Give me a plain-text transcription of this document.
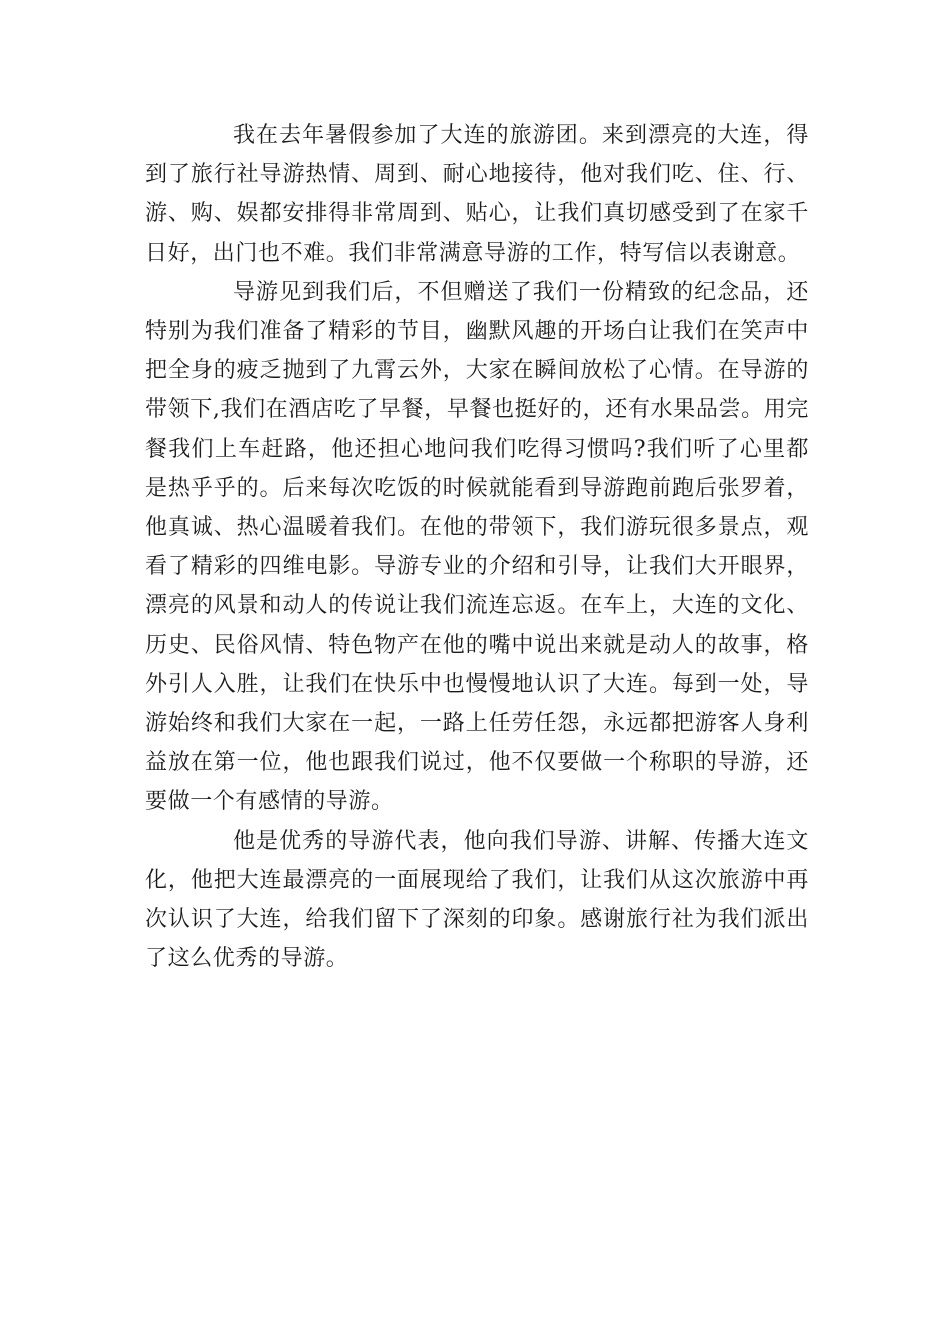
我在去年暑假参加了大连的旅游团。来到漂亮的大连，得到了旅行社导游热情、周到、耐心地接待，他对我们吃、住、行、游、购、娱都安排得非常周到、贴心，让我们真切感受到了在家千日好，出门也不难。我们非常满意导游的工作，特写信以表谢意。

导游见到我们后，不但赠送了我们一份精致的纪念品，还特别为我们准备了精彩的节目，幽默风趣的开场白让我们在笑声中把全身的疲乏抛到了九霄云外，大家在瞬间放松了心情。在导游的带领下,我们在酒店吃了早餐，早餐也挺好的，还有水果品尝。用完餐我们上车赶路，他还担心地问我们吃得习惯吗?我们听了心里都是热乎乎的。后来每次吃饭的时候就能看到导游跑前跑后张罗着，他真诚、热心温暖着我们。在他的带领下，我们游玩很多景点，观看了精彩的四维电影。导游专业的介绍和引导，让我们大开眼界，漂亮的风景和动人的传说让我们流连忘返。在车上，大连的文化、历史、民俗风情、特色物产在他的嘴中说出来就是动人的故事，格外引人入胜，让我们在快乐中也慢慢地认识了大连。每到一处，导游始终和我们大家在一起，一路上任劳任怨，永远都把游客人身利益放在第一位，他也跟我们说过，他不仅要做一个称职的导游，还要做一个有感情的导游。

他是优秀的导游代表，他向我们导游、讲解、传播大连文化，他把大连最漂亮的一面展现给了我们，让我们从这次旅游中再次认识了大连，给我们留下了深刻的印象。感谢旅行社为我们派出了这么优秀的导游。
